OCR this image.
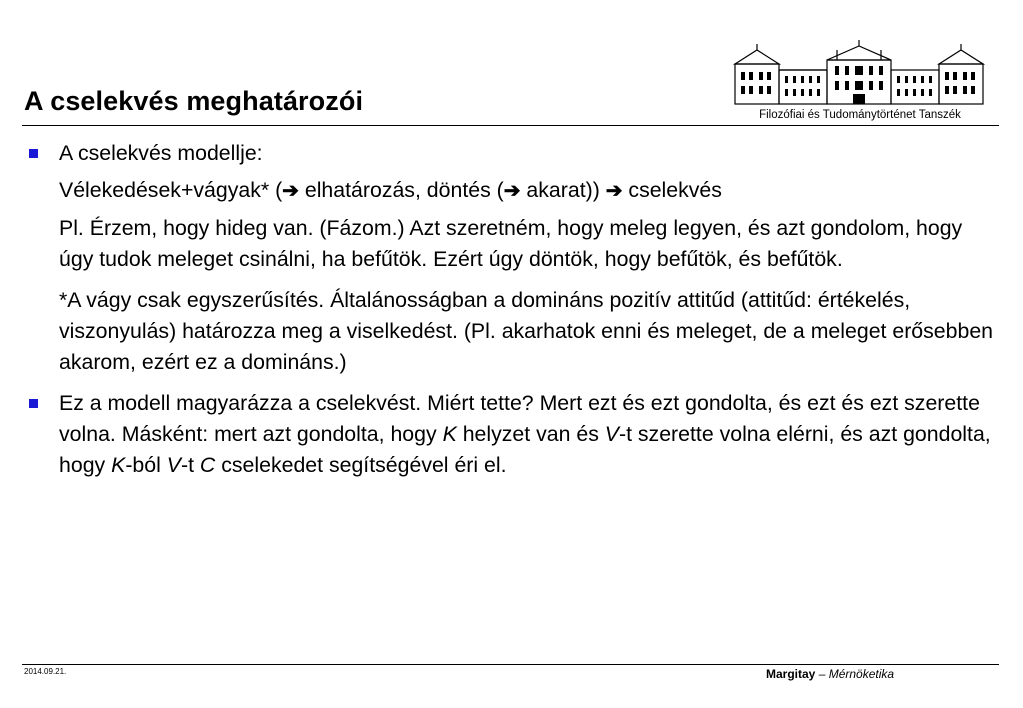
A cselekvés meghatározói	Filozófiai és Tudománytörténet Tanszék
A cselekvés modellje:
Vélekedések+vágyak* (➔ elhatározás, döntés (➔ akarat)) ➔ cselekvés
Pl. Érzem, hogy hideg van. (Fázom.) Azt szeretném, hogy meleg legyen, és azt gondolom, hogy úgy tudok meleget csinálni, ha befűtök. Ezért úgy döntök, hogy befűtök, és befűtök.
*A vágy csak egyszerűsítés. Általánosságban a domináns pozitív attitűd (attitűd: értékelés, viszonyulás) határozza meg a viselkedést. (Pl. akarhatok enni és meleget, de a meleget erősebben akarom, ezért ez a domináns.)
Ez a modell magyarázza a cselekvést. Miért tette? Mert ezt és ezt gondolta, és ezt és ezt szerette volna. Másként: mert azt gondolta, hogy K helyzet van és V-t szerette volna elérni, és azt gondolta, hogy K-ból V-t C cselekedet segítségével éri el.
2014.09.21.	Margitay – Mérnöketika
